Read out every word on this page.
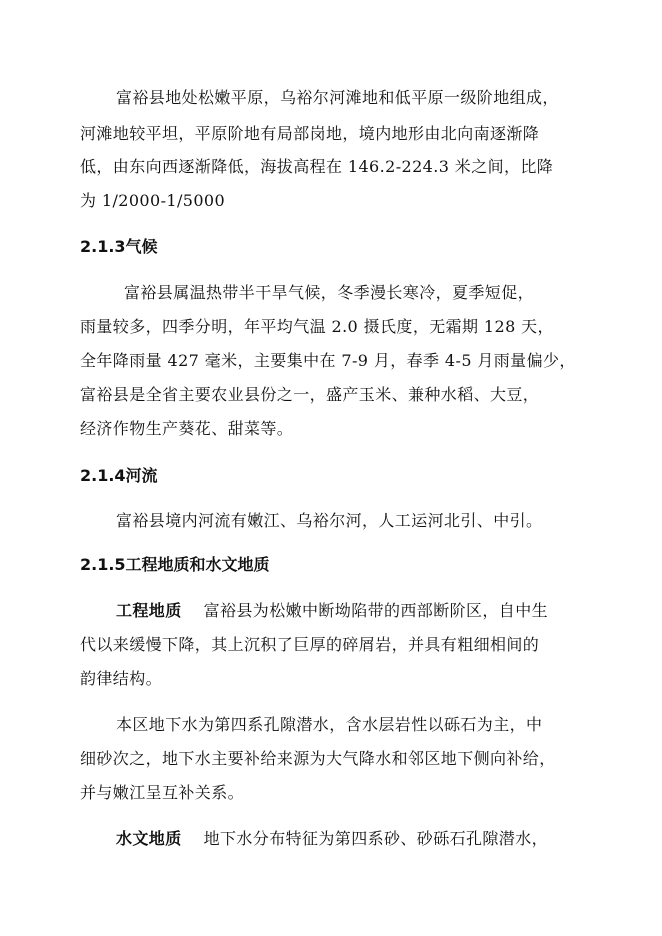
富裕县地处松嫩平原，乌裕尔河滩地和低平原一级阶地组成，
河滩地较平坦，平原阶地有局部岗地，境内地形由北向南逐渐降
低，由东向西逐渐降低，海拔高程在 146.2-224.3 米之间，比降
为 1/2000-1/5000
2.1.3气候
富裕县属温热带半干旱气候，冬季漫长寒冷，夏季短促，
雨量较多，四季分明，年平均气温 2.0 摄氏度，无霜期 128 天，
全年降雨量 427 毫米，主要集中在 7-9 月，春季 4-5 月雨量偏少，
富裕县是全省主要农业县份之一，盛产玉米、兼种水稻、大豆，
经济作物生产葵花、甜菜等。
2.1.4河流
富裕县境内河流有嫩江、乌裕尔河，人工运河北引、中引。
2.1.5工程地质和水文地质
工程地质 富裕县为松嫩中断坳陷带的西部断阶区，自中生
代以来缓慢下降，其上沉积了巨厚的碎屑岩，并具有粗细相间的
韵律结构。
本区地下水为第四系孔隙潜水，含水层岩性以砾石为主，中
细砂次之，地下水主要补给来源为大气降水和邻区地下侧向补给，
并与嫩江呈互补关系。
水文地质 地下水分布特征为第四系砂、砂砾石孔隙潜水，
